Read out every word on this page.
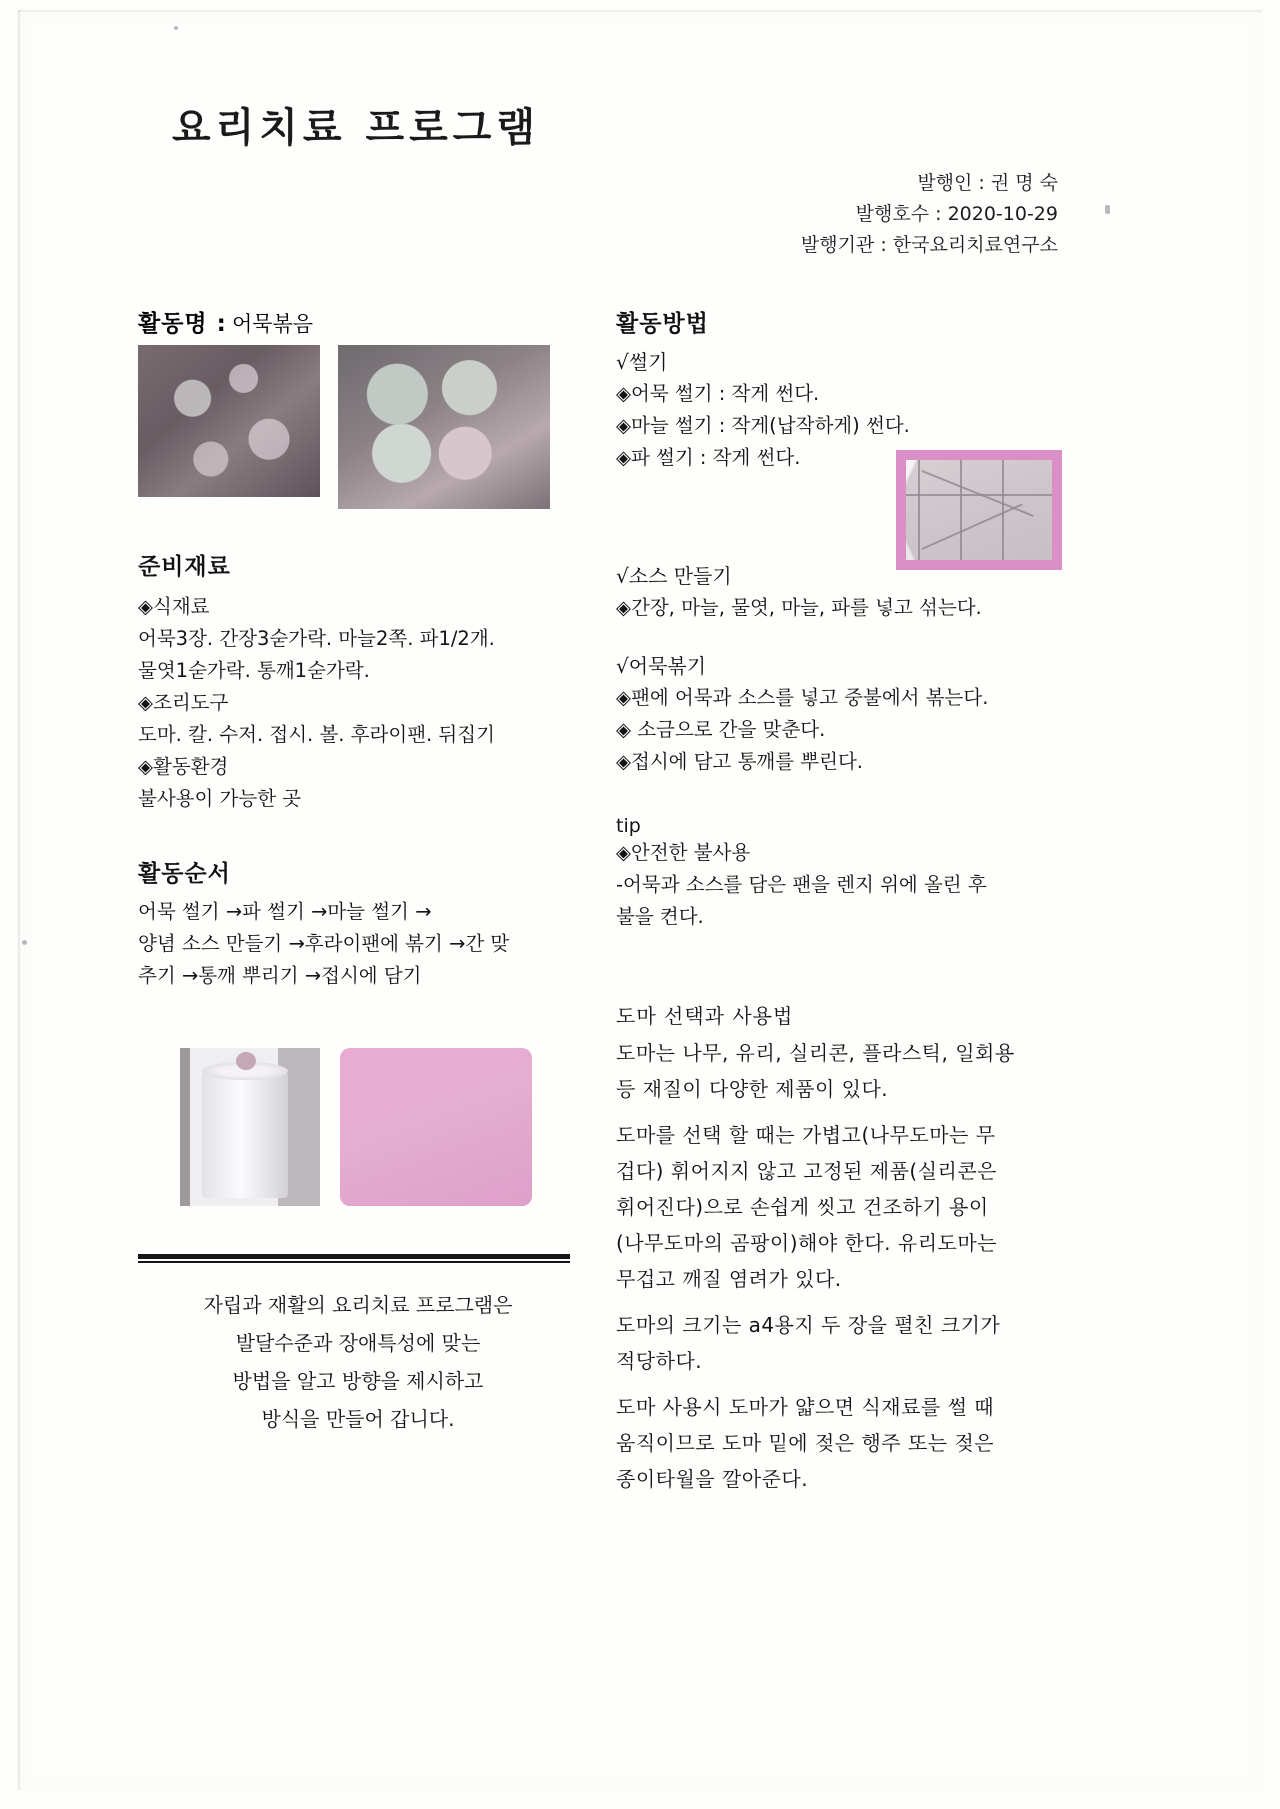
요리치료 프로그램
발행인 : 권 명 숙
발행호수 : 2020-10-29
발행기관 : 한국요리치료연구소
활동명 : 어묵볶음
준비재료
◈식재료
어묵3장. 간장3숟가락. 마늘2쪽. 파1/2개.
물엿1숟가락. 통깨1숟가락.
◈조리도구
도마. 칼. 수저. 접시. 볼. 후라이팬. 뒤집기
◈활동환경
불사용이 가능한 곳
활동순서
어묵 썰기 →파 썰기 →마늘 썰기 →
양념 소스 만들기 →후라이팬에 볶기 →간 맞
추기 →통깨 뿌리기 →접시에 담기
자립과 재활의 요리치료 프로그램은
발달수준과 장애특성에 맞는
방법을 알고 방향을 제시하고
방식을 만들어 갑니다.
활동방법
√썰기
◈어묵 썰기 : 작게 썬다.
◈마늘 썰기 : 작게(납작하게) 썬다.
◈파 썰기 : 작게 썬다.
√소스 만들기
◈간장, 마늘, 물엿, 마늘, 파를 넣고 섞는다.
√어묵볶기
◈팬에 어묵과 소스를 넣고 중불에서 볶는다.
◈ 소금으로 간을 맞춘다.
◈접시에 담고 통깨를 뿌린다.
tip
◈안전한 불사용
-어묵과 소스를 담은 팬을 렌지 위에 올린 후
불을 켠다.
도마 선택과 사용법
도마는 나무, 유리, 실리콘, 플라스틱, 일회용
등 재질이 다양한 제품이 있다.
도마를 선택 할 때는 가볍고(나무도마는 무
겁다) 휘어지지 않고 고정된 제품(실리콘은
휘어진다)으로 손쉽게 씻고 건조하기 용이
(나무도마의 곰팡이)해야 한다. 유리도마는
무겁고 깨질 염려가 있다.
도마의 크기는 a4용지 두 장을 펼친 크기가
적당하다.
도마 사용시 도마가 얇으면 식재료를 썰 때
움직이므로 도마 밑에 젖은 행주 또는 젖은
종이타월을 깔아준다.
